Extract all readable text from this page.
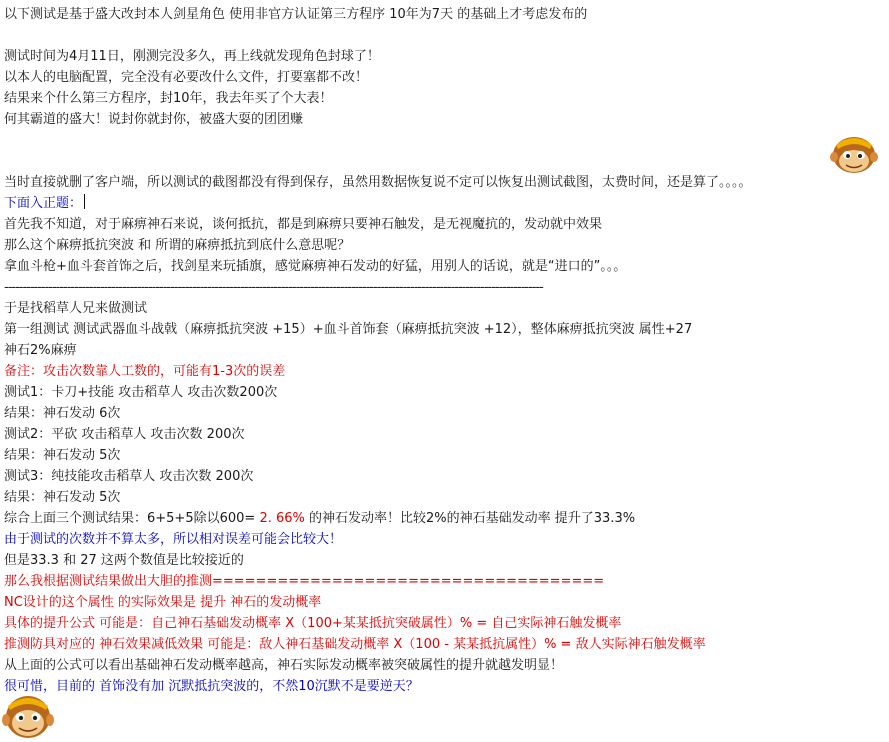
以下测试是基于盛大改封本人剑星角色 使用非官方认证第三方程序 10年为7天 的基础上才考虑发布的
测试时间为4月11日，刚测完没多久，再上线就发现角色封球了！
以本人的电脑配置，完全没有必要改什么文件，打要塞都不改！
结果来个什么第三方程序，封10年，我去年买了个大表！
何其霸道的盛大！说封你就封你，被盛大耍的团团赚
当时直接就删了客户端，所以测试的截图都没有得到保存，虽然用数据恢复说不定可以恢复出测试截图，太费时间，还是算了。。。。
下面入正题：
首先我不知道，对于麻痹神石来说，谈何抵抗，都是到麻痹只要神石触发，是无视魔抗的，发动就中效果
那么这个麻痹抵抗突波 和 所谓的麻痹抵抗到底什么意思呢？
拿血斗枪+血斗套首饰之后，找剑星来玩插旗，感觉麻痹神石发动的好猛，用别人的话说，就是“进口的”。。。
--------------------------------------------------------------------------------------------------------------------------------------------------
于是找稻草人兄来做测试
第一组测试 测试武器血斗战戟（麻痹抵抗突波 +15）+血斗首饰套（麻痹抵抗突波 +12），整体麻痹抵抗突波 属性+27
神石2%麻痹
备注：攻击次数靠人工数的，可能有1-3次的误差
测试1：卡刀+技能 攻击稻草人 攻击次数200次
结果：神石发动 6次
测试2：平砍 攻击稻草人 攻击次数 200次
结果：神石发动 5次
测试3：纯技能攻击稻草人 攻击次数 200次
结果：神石发动 5次
综合上面三个测试结果：6+5+5除以600= 2. 66% 的神石发动率！比较2%的神石基础发动率 提升了33.3%
由于测试的次数并不算太多，所以相对误差可能会比较大！
但是33.3 和 27 这两个数值是比较接近的
那么我根据测试结果做出大胆的推测====================================
NC设计的这个属性 的实际效果是 提升 神石的发动概率
具体的提升公式 可能是：自己神石基础发动概率 X（100+某某抵抗突破属性）% = 自己实际神石触发概率
推测防具对应的 神石效果减低效果 可能是：敌人神石基础发动概率 X（100 - 某某抵抗属性）% = 敌人实际神石触发概率
从上面的公式可以看出基础神石发动概率越高，神石实际发动概率被突破属性的提升就越发明显！
很可惜，目前的 首饰没有加 沉默抵抗突波的，不然10沉默不是要逆天？
